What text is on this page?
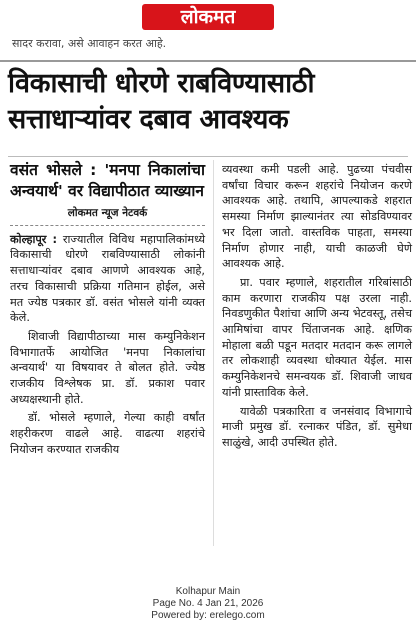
लोकमत
सादर करावा, असे आवाहन करत आहे.
विकासाची धोरणे राबविण्यासाठी
सत्ताधाऱ्यांवर दबाव आवश्यक
वसंत भोसले : 'मनपा निकालांचा अन्वयार्थ' वर विद्यापीठात व्याख्यान
लोकमत न्यूज नेटवर्क

कोल्हापूर : राज्यातील विविध महापालिकांमध्ये विकासाची धोरणे राबविण्यासाठी लोकांनी सत्ताधाऱ्यांवर दबाव आणणे आवश्यक आहे, तरच विकासाची प्रक्रिया गतिमान होईल, असे मत ज्येष्ठ पत्रकार डॉ. वसंत भोसले यांनी व्यक्त केले.

शिवाजी विद्यापीठाच्या मास कम्युनिकेशन विभागातर्फे आयोजित 'मनपा निकालांचा अन्वयार्थ' या विषयावर ते बोलत होते. ज्येष्ठ राजकीय विश्लेषक प्रा. डॉ. प्रकाश पवार अध्यक्षस्थानी होते.

डॉ. भोसले म्हणाले, गेल्या काही वर्षांत शहरीकरण वाढले आहे. वाढत्या शहरांचे नियोजन करण्यात राजकीय

व्यवस्था कमी पडली आहे. पुढच्या पंचवीस वर्षांचा विचार करून शहरांचे नियोजन करणे आवश्यक आहे. तथापि, आपल्याकडे शहरात समस्या निर्माण झाल्यानंतर त्या सोडविण्यावर भर दिला जातो. वास्तविक पाहता, समस्या निर्माण होणार नाही, याची काळजी घेणे आवश्यक आहे.

प्रा. पवार म्हणाले, शहरातील गरिबांसाठी काम करणारा राजकीय पक्ष उरला नाही. निवडणुकीत पैशांचा आणि अन्य भेटवस्तू, तसेच आमिषांचा वापर चिंताजनक आहे. क्षणिक मोहाला बळी पडून मतदार मतदान करू लागले तर लोकशाही व्यवस्था धोक्यात येईल. मास कम्युनिकेशनचे समन्वयक डॉ. शिवाजी जाधव यांनी प्रास्ताविक केले.

यावेळी पत्रकारिता व जनसंवाद विभागाचे माजी प्रमुख डॉ. रत्नाकर पंडित, डॉ. सुमेधा साळुंखे, आदी उपस्थित होते.

Kolhapur Main
Page No. 4 Jan 21, 2026
Powered by: erelego.com
